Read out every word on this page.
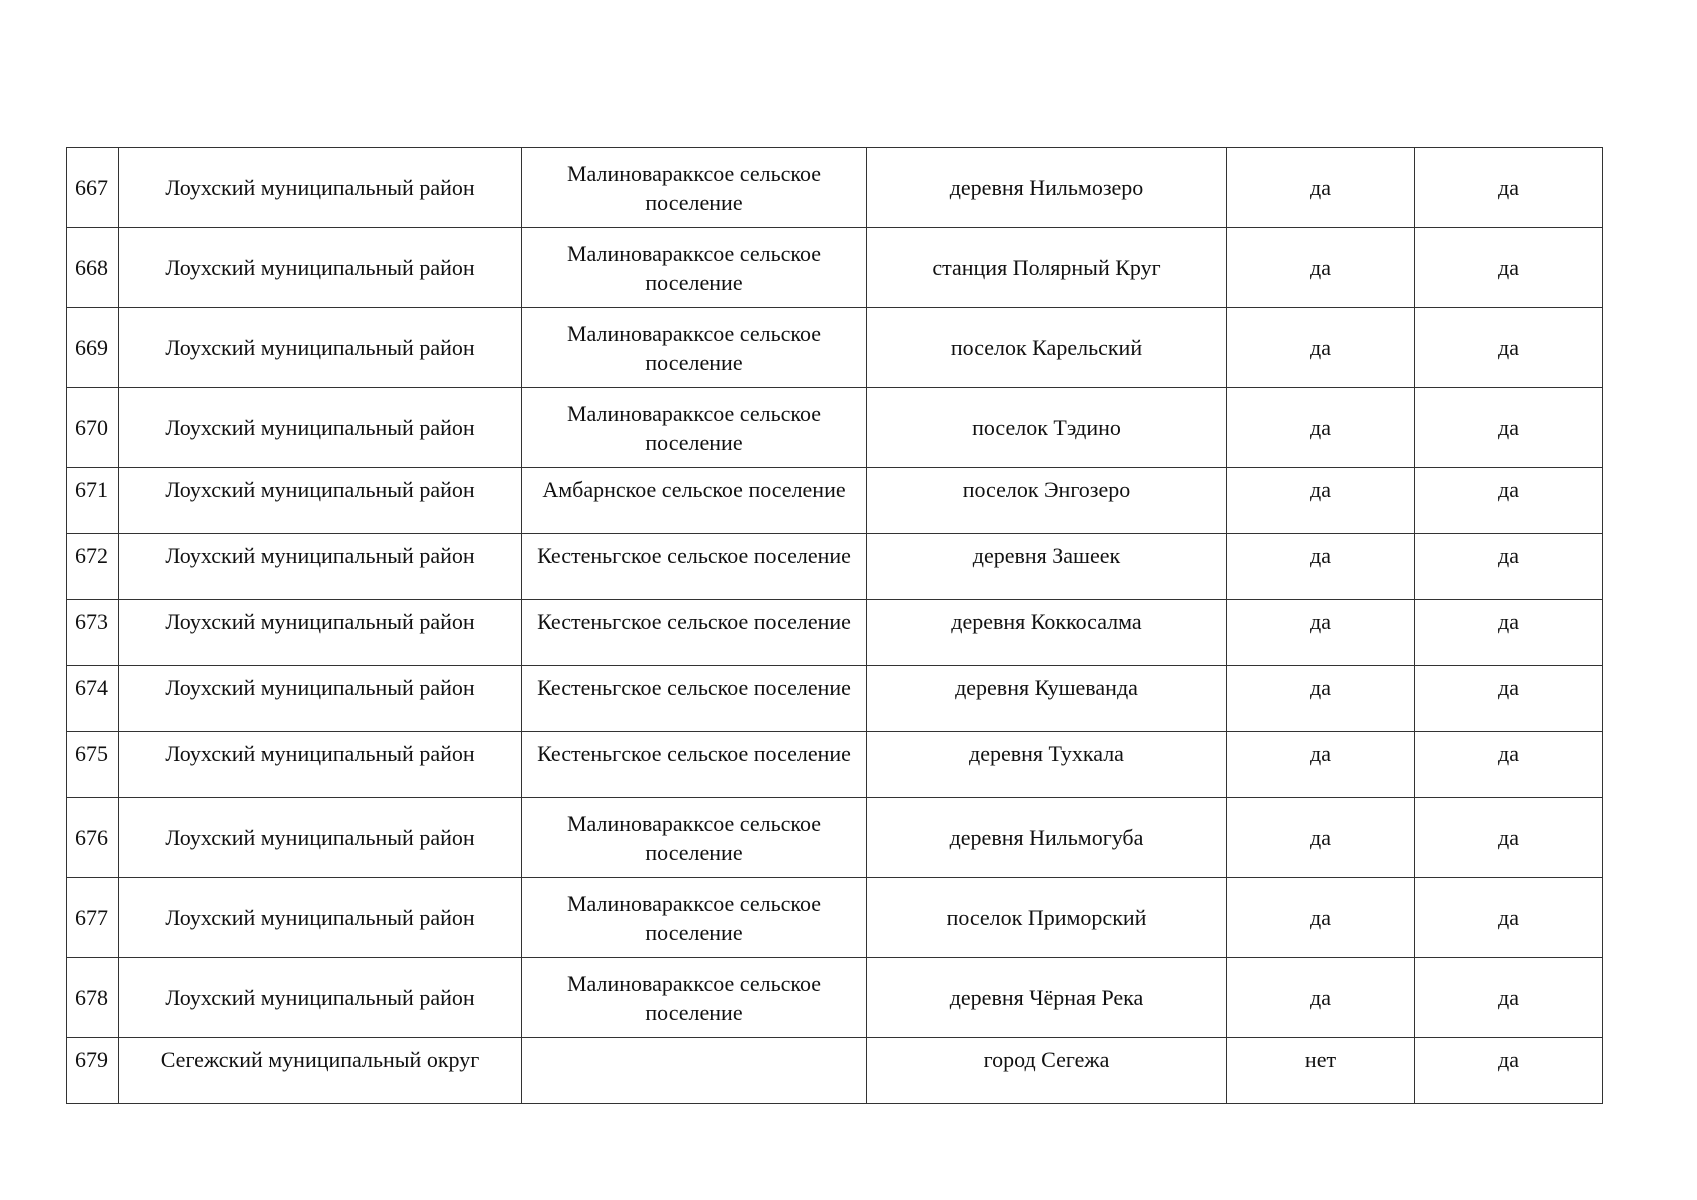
667	Лоухский муниципальный район	Малиноваракксое сельское поселение	деревня Нильмозеро	да	да
668	Лоухский муниципальный район	Малиноваракксое сельское поселение	станция Полярный Круг	да	да
669	Лоухский муниципальный район	Малиноваракксое сельское поселение	поселок Карельский	да	да
670	Лоухский муниципальный район	Малиноваракксое сельское поселение	поселок Тэдино	да	да
671	Лоухский муниципальный район	Амбарнское сельское поселение	поселок Энгозеро	да	да
672	Лоухский муниципальный район	Кестеньгское сельское поселение	деревня Зашеек	да	да
673	Лоухский муниципальный район	Кестеньгское сельское поселение	деревня Коккосалма	да	да
674	Лоухский муниципальный район	Кестеньгское сельское поселение	деревня Кушеванда	да	да
675	Лоухский муниципальный район	Кестеньгское сельское поселение	деревня Тухкала	да	да
676	Лоухский муниципальный район	Малиноваракксое сельское поселение	деревня Нильмогуба	да	да
677	Лоухский муниципальный район	Малиноваракксое сельское поселение	поселок Приморский	да	да
678	Лоухский муниципальный район	Малиноваракксое сельское поселение	деревня Чёрная Река	да	да
679	Сегежский муниципальный округ		город Сегежа	нет	да
